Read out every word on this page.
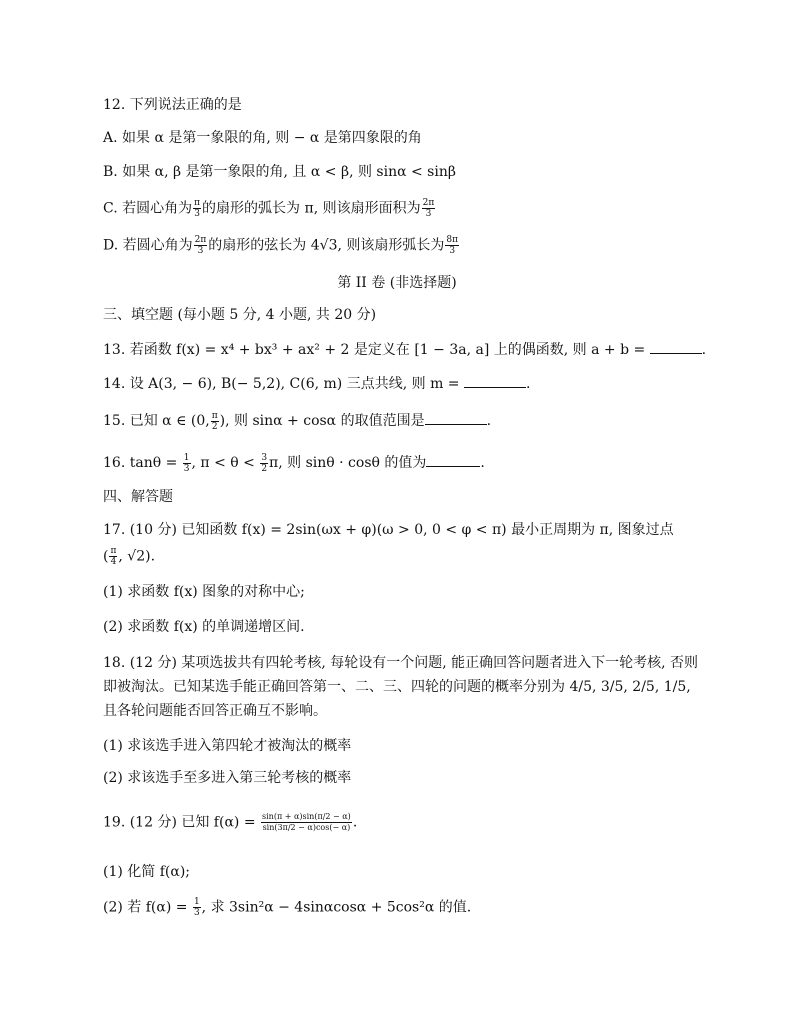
12. 下列说法正确的是
A. 如果 α 是第一象限的角, 则 − α 是第四象限的角
B. 如果 α, β 是第一象限的角, 且 α < β, 则 sinα < sinβ
C. 若圆心角为 $\frac{\pi}{3}$ 的扇形的弧长为 π, 则该扇形面积为 $\frac{2\pi}{3}$
D. 若圆心角为 $\frac{2\pi}{3}$ 的扇形的弦长为 4√3, 则该扇形弧长为 $\frac{8\pi}{3}$
第 II 卷 (非选择题)
三、填空题 (每小题 5 分, 4 小题, 共 20 分)
13. 若函数 f(x) = x⁴ + bx³ + ax² + 2 是定义在 [1 − 3a, a] 上的偶函数, 则 a + b =	.
14. 设 A(3, − 6), B(− 5,2), C(6, m) 三点共线, 则 m =	.
15. 已知 α ∈ (0, $\frac{\pi}{2}$ ), 则 sinα + cosα 的取值范围是	.
16. $\tan\theta = \frac{1}{3}$ , $\pi < \theta < \frac{3}{2} \pi$, 则 sinθ · cosθ 的值为	.
四、解答题
17. (10 分) 已知函数 f(x) = 2sin(ωx + φ)(ω > 0, 0 < φ < π) 最小正周期为 π, 图象过点
( $\frac{\pi}{4}$ , √2).
(1) 求函数 f(x) 图象的对称中心;
(2) 求函数 f(x) 的单调递增区间.
18. (12 分) 某项选拔共有四轮考核, 每轮设有一个问题, 能正确回答问题者进入下一轮考核, 否则即被淘汰。已知某选手能正确回答第一、二、三、四轮的问题的概率分别为 4/5, 3/5, 2/5, 1/5, 且各轮问题能否回答正确互不影响。
(1) 求该选手进入第四轮才被淘汰的概率
(2) 求该选手至多进入第三轮考核的概率
19. (12 分) 已知 $f(\alpha) = \frac{\sin(\pi + \alpha)\sin(\pi/2 - \alpha)}{\sin(3\pi/2 - \alpha)\cos(- \alpha)}$ .
(1) 化简 f(α);
(2) 若 $f(\alpha) = \frac{1}{3}$ , 求 3sin²α − 4sinαcosα + 5cos²α 的值.
